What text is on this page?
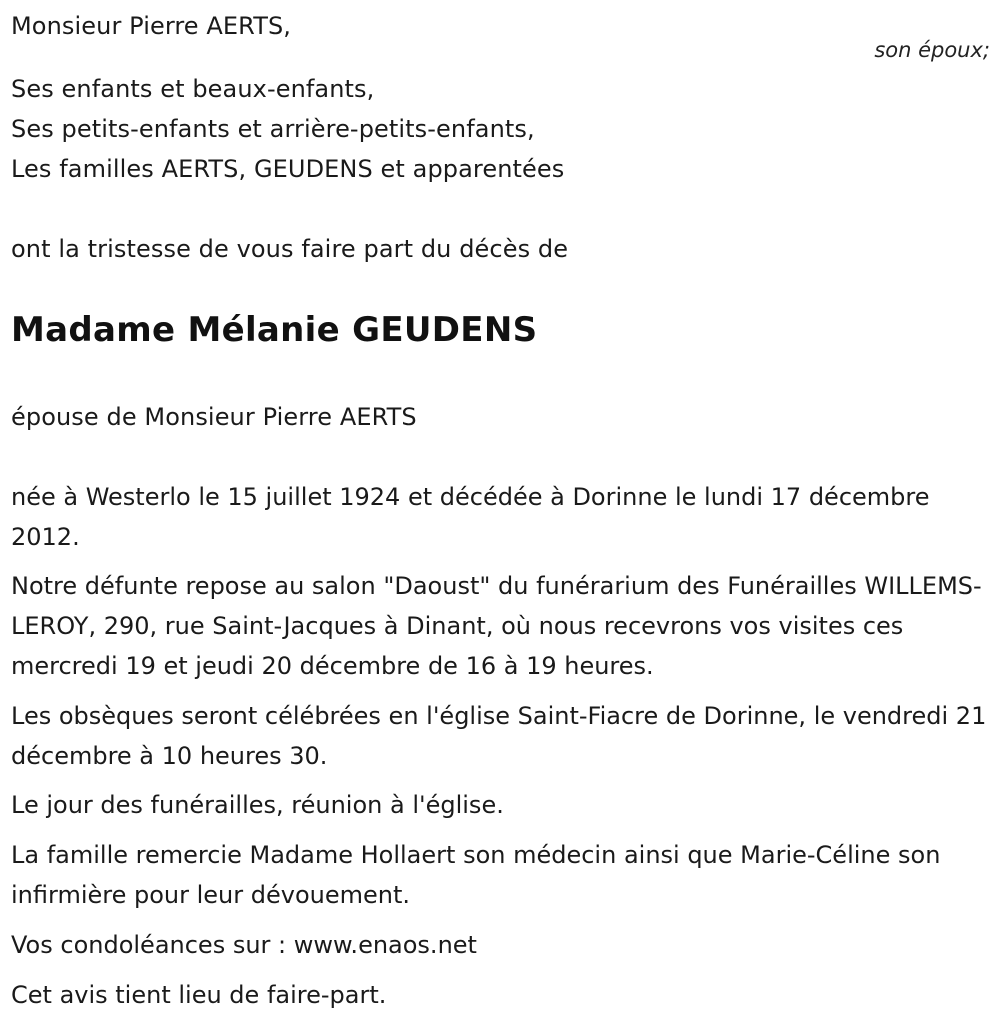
Monsieur Pierre AERTS,

son époux;

Ses enfants et beaux-enfants,

Ses petits-enfants et arrière-petits-enfants,

Les familles AERTS, GEUDENS et apparentées

ont la tristesse de vous faire part du décès de

Madame Mélanie GEUDENS

épouse de Monsieur Pierre AERTS

née à Westerlo le 15 juillet 1924 et décédée à Dorinne le lundi 17 décembre 2012.

Notre défunte repose au salon "Daoust" du funérarium des Funérailles WILLEMS-LEROY, 290, rue Saint-Jacques à Dinant, où nous recevrons vos visites ces mercredi 19 et jeudi 20 décembre de 16 à 19 heures.

Les obsèques seront célébrées en l'église Saint-Fiacre de Dorinne, le vendredi 21 décembre à 10 heures 30.

Le jour des funérailles, réunion à l'église.

La famille remercie Madame Hollaert son médecin ainsi que Marie-Céline son infirmière pour leur dévouement.

Vos condoléances sur : www.enaos.net

Cet avis tient lieu de faire-part.
